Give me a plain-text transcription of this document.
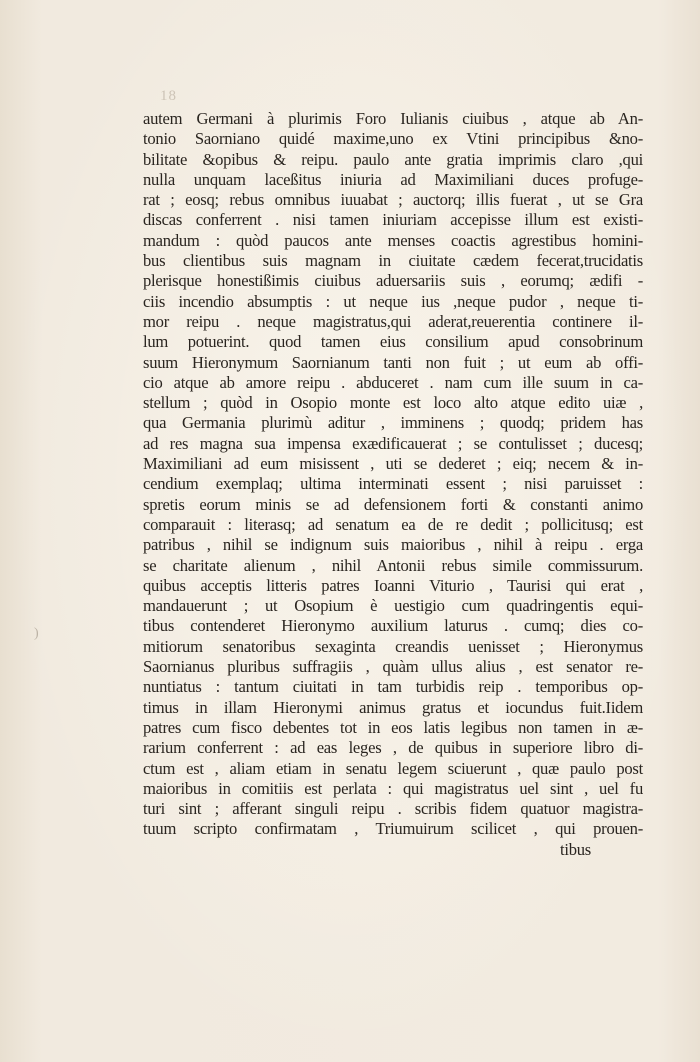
18
)
autem Germani à plurimis Foro Iulianis ciuibus , atque ab An-
tonio Saorniano quidé maxime,uno ex Vtini principibus &no-
bilitate &opibus & reipu. paulo ante gratia imprimis claro ,qui
nulla unquam laceßitus iniuria ad Maximiliani duces profuge-
rat ; eosq; rebus omnibus iuuabat ; auctorq; illis fuerat , ut se Gra
discas conferrent . nisi tamen iniuriam accepisse illum est existi-
mandum : quòd paucos ante menses coactis agrestibus homini-
bus clientibus suis magnam in ciuitate cædem fecerat,trucidatis
plerisque honestißimis ciuibus aduersariis suis , eorumq; ædifi -
ciis incendio absumptis : ut neque ius ,neque pudor , neque ti-
mor reipu . neque magistratus,qui aderat,reuerentia continere il-
lum potuerint. quod tamen eius consilium apud consobrinum
suum Hieronymum Saornianum tanti non fuit ; ut eum ab offi-
cio atque ab amore reipu . abduceret . nam cum ille suum in ca-
stellum ; quòd in Osopio monte est loco alto atque edito uiæ ,
qua Germania plurimù aditur , imminens ; quodq; pridem has
ad res magna sua impensa exædificauerat ; se contulisset ; ducesq;
Maximiliani ad eum misissent , uti se dederet ; eiq; necem & in-
cendium exemplaq; ultima interminati essent ; nisi paruisset :
spretis eorum minis se ad defensionem forti & constanti animo
comparauit : literasq; ad senatum ea de re dedit ; pollicitusq; est
patribus , nihil se indignum suis maioribus , nihil à reipu . erga
se charitate alienum , nihil Antonii rebus simile commissurum.
quibus acceptis litteris patres Ioanni Viturio , Taurisi qui erat ,
mandauerunt ; ut Osopium è uestigio cum quadringentis equi-
tibus contenderet Hieronymo auxilium laturus . cumq; dies co-
mitiorum senatoribus sexaginta creandis uenisset ; Hieronymus
Saornianus pluribus suffragiis , quàm ullus alius , est senator re-
nuntiatus : tantum ciuitati in tam turbidis reip . temporibus op-
timus in illam Hieronymi animus gratus et iocundus fuit.Iidem
patres cum fisco debentes tot in eos latis legibus non tamen in æ-
rarium conferrent : ad eas leges , de quibus in superiore libro di-
ctum est , aliam etiam in senatu legem sciuerunt , quæ paulo post
maioribus in comitiis est perlata : qui magistratus uel sint , uel fu
turi sint ; afferant singuli reipu . scribis fidem quatuor magistra-
tuum scripto confirmatam , Triumuirum scilicet , qui prouen-
tibus
